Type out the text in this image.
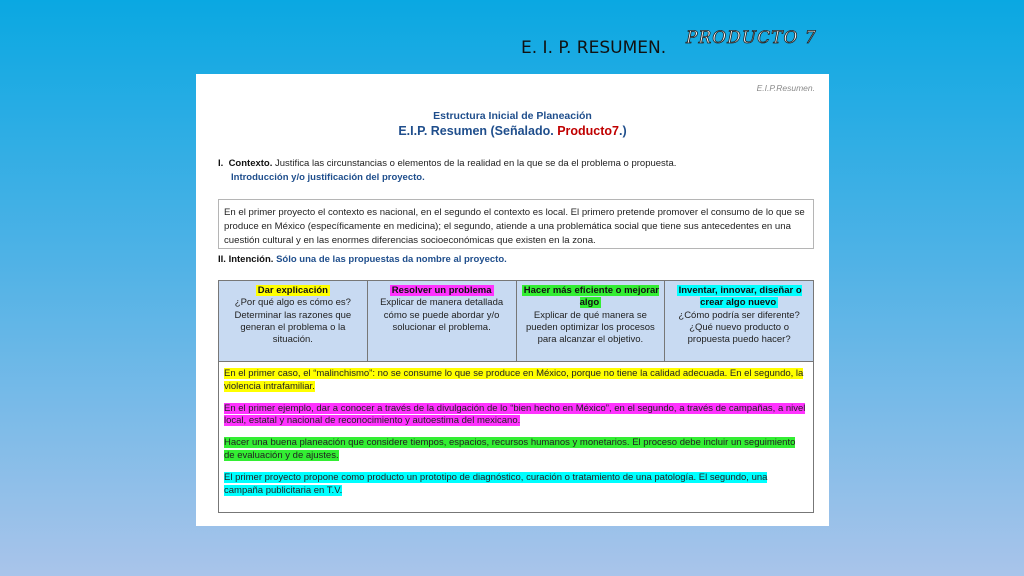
E. I. P. RESUMEN. PRODUCTO 7
E.I.P.Resumen.
Estructura Inicial de Planeación
E.I.P. Resumen (Señalado. Producto7.)
I. Contexto. Justifica las circunstancias o elementos de la realidad en la que se da el problema o propuesta.
Introducción y/o justificación del proyecto.
En el primer proyecto el contexto es nacional, en el segundo el contexto es local. El primero pretende promover el consumo de lo que se produce en México (específicamente en medicina); el segundo, atiende a una problemática social que tiene sus antecedentes en una cuestión cultural y en las enormes diferencias socioeconómicas que existen en la zona.
II. Intención. Sólo una de las propuestas da nombre al proyecto.
Dar explicación
¿Por qué algo es cómo es? Determinar las razones que generan el problema o la situación.
Resolver un problema
Explicar de manera detallada cómo se puede abordar y/o solucionar el problema.
Hacer más eficiente o mejorar algo
Explicar de qué manera se pueden optimizar los procesos para alcanzar el objetivo.
Inventar, innovar, diseñar o crear algo nuevo
¿Cómo podría ser diferente? ¿Qué nuevo producto o propuesta puedo hacer?
En el primer caso, el “malinchismo”: no se consume lo que se produce en México, porque no tiene la calidad adecuada. En el segundo, la violencia intrafamiliar.
En el primer ejemplo, dar a conocer a través de la divulgación de lo “bien hecho en México”, en el segundo, a través de campañas, a nivel local, estatal y nacional de reconocimiento y autoestima del mexicano.
Hacer una buena planeación que considere tiempos, espacios, recursos humanos y monetarios. El proceso debe incluir un seguimiento de evaluación y de ajustes.
El primer proyecto propone como producto un prototipo de diagnóstico, curación o tratamiento de una patología. El segundo, una campaña publicitaria en T.V.
